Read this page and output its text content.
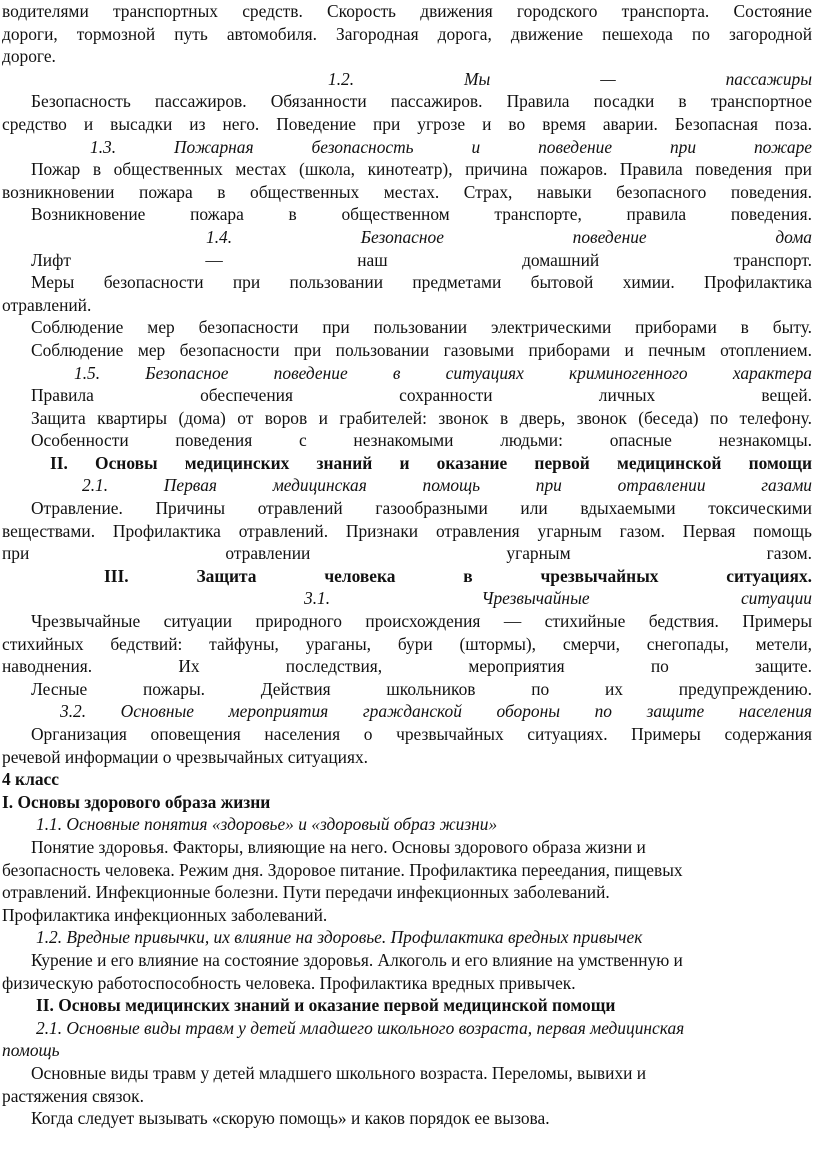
водителями транспортных средств. Скорость движения городского транспорта. Состояние

дороги, тормозной путь автомобиля. Загородная дорога, движение пешехода по загородной

дороге.

1.2. Мы — пассажиры

Безопасность пассажиров. Обязанности пассажиров. Правила посадки в транспортное

средство и высадки из него. Поведение при угрозе и во время аварии. Безопасная поза.

1.3. Пожарная безопасность и поведение при пожаре

Пожар в общественных местах (школа, кинотеатр), причина пожаров. Правила поведения при

возникновении пожара в общественных местах. Страх, навыки безопасного поведения.

Возникновение пожара в общественном транспорте, правила поведения.

1.4. Безопасное поведение дома

Лифт — наш домашний транспорт.

Меры безопасности при пользовании предметами бытовой химии. Профилактика

отравлений.

Соблюдение мер безопасности при пользовании электрическими приборами в быту.

Соблюдение мер безопасности при пользовании газовыми приборами и печным отоплением.

1.5. Безопасное поведение в ситуациях криминогенного характера

Правила обеспечения сохранности личных вещей.

Защита квартиры (дома) от воров и грабителей: звонок в дверь, звонок (беседа) по телефону.

Особенности поведения с незнакомыми людьми: опасные незнакомцы.

II. Основы медицинских знаний и оказание первой медицинской помощи

2.1. Первая медицинская помощь при отравлении газами

Отравление. Причины отравлений газообразными или вдыхаемыми токсическими

веществами. Профилактика отравлений. Признаки отравления угарным газом. Первая помощь

при отравлении угарным газом.

III. Защита человека в чрезвычайных ситуациях.

3.1. Чрезвычайные ситуации

Чрезвычайные ситуации природного происхождения — стихийные бедствия. Примеры

стихийных бедствий: тайфуны, ураганы, бури (штормы), смерчи, снегопады, метели,

наводнения. Их последствия, мероприятия по защите.

Лесные пожары. Действия школьников по их предупреждению.

3.2. Основные мероприятия гражданской обороны по защите населения

Организация оповещения населения о чрезвычайных ситуациях. Примеры содержания

речевой информации о чрезвычайных ситуациях.

4 класс

I. Основы здорового образа жизни

1.1. Основные понятия «здоровье» и «здоровый образ жизни»

Понятие здоровья. Факторы, влияющие на него. Основы здорового образа жизни и

безопасность человека. Режим дня. Здоровое питание. Профилактика переедания, пищевых

отравлений. Инфекционные болезни. Пути передачи инфекционных заболеваний.

Профилактика инфекционных заболеваний.

1.2. Вредные привычки, их влияние на здоровье. Профилактика вредных привычек

Курение и его влияние на состояние здоровья. Алкоголь и его влияние на умственную и

физическую работоспособность человека. Профилактика вредных привычек.

II. Основы медицинских знаний и оказание первой медицинской помощи

2.1. Основные виды травм у детей младшего школьного возраста, первая медицинская

помощь

Основные виды травм у детей младшего школьного возраста. Переломы, вывихи и

растяжения связок.

Когда следует вызывать «скорую помощь» и каков порядок ее вызова.
